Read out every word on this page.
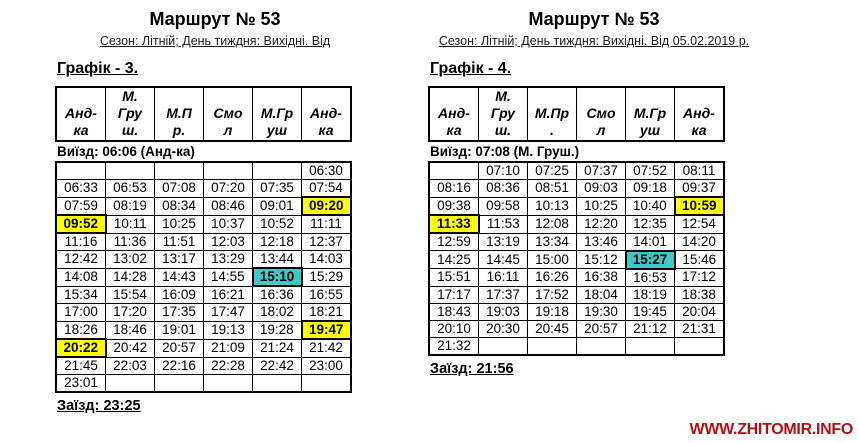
Маршрут № 53
Сезон: Літній; День тиждня: Вихідні. Від
Графік - 3.
Анд-
ка	М.
Гру
ш.	М.П
р.	Смо
л	М.Гр
уш	Анд-
ка
Виїзд: 06:06 (Анд-ка)
					06:30
06:33	06:53	07:08	07:20	07:35	07:54
07:59	08:19	08:34	08:46	09:01	09:20
09:52	10:11	10:25	10:37	10:52	11:11
11:16	11:36	11:51	12:03	12:18	12:37
12:42	13:02	13:17	13:29	13:44	14:03
14:08	14:28	14:43	14:55	15:10	15:29
15:34	15:54	16:09	16:21	16:36	16:55
17:00	17:20	17:35	17:47	18:02	18:21
18:26	18:46	19:01	19:13	19:28	19:47
20:22	20:42	20:57	21:09	21:24	21:42
21:45	22:03	22:16	22:28	22:42	23:00
23:01					
Заїзд: 23:25
Маршрут № 53
Сезон: Літній; День тиждня: Вихідні. Від 05.02.2019 р.
Графік - 4.
Анд-
ка	М.
Гру
ш.	М.Пр
.	Смо
л	М.Гр
уш	Анд-
ка
Виїзд: 07:08 (М. Груш.)
	07:10	07:25	07:37	07:52	08:11
08:16	08:36	08:51	09:03	09:18	09:37
09:38	09:58	10:13	10:25	10:40	10:59
11:33	11:53	12:08	12:20	12:35	12:54
12:59	13:19	13:34	13:46	14:01	14:20
14:25	14:45	15:00	15:12	15:27	15:46
15:51	16:11	16:26	16:38	16:53	17:12
17:17	17:37	17:52	18:04	18:19	18:38
18:43	19:03	19:18	19:30	19:45	20:04
20:10	20:30	20:45	20:57	21:12	21:31
21:32					
Заїзд: 21:56
WWW.ZHITOMIR.INFO
